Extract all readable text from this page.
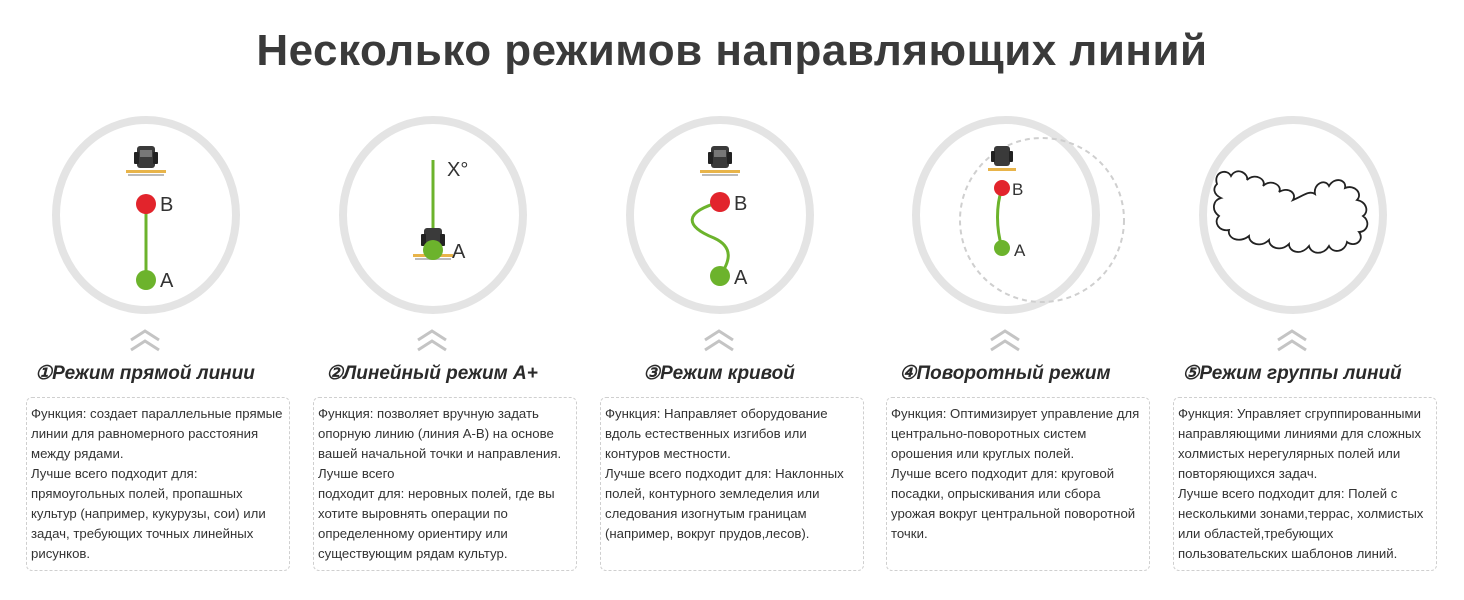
Несколько режимов направляющих линий
B
A
①Режим прямой линии

Функция: создает параллельные прямые линии для равномерного расстояния между рядами.

Лучше всего подходит для: прямоугольных полей, пропашных культур (например, кукурузы, сои) или задач, требующих точных линейных рисунков.

X°
A
②Линейный режим A+

Функция: позволяет вручную задать опорную линию (линия A-B) на основе вашей начальной точки и направления.

Лучше всего

подходит для: неровных полей, где вы хотите выровнять операции по определенному ориентиру или существующим рядам культур.

B
A
③Режим кривой

Функция: Направляет оборудование вдоль естественных изгибов или контуров местности.

Лучше всего подходит для: Наклонных полей, контурного земледелия или следования изогнутым границам (например, вокруг прудов,лесов).

B
A
④Поворотный режим

Функция: Оптимизирует управление для центрально-поворотных систем орошения или круглых полей.

Лучше всего подходит для: круговой посадки, опрыскивания или сбора урожая вокруг центральной поворотной точки.

⑤Режим группы линий

Функция: Управляет сгруппированными направляющими линиями для сложных холмистых нерегулярных полей или повторяющихся задач.

Лучше всего подходит для: Полей с несколькими зонами,террас, холмистых или областей,требующих пользовательских шаблонов линий.
